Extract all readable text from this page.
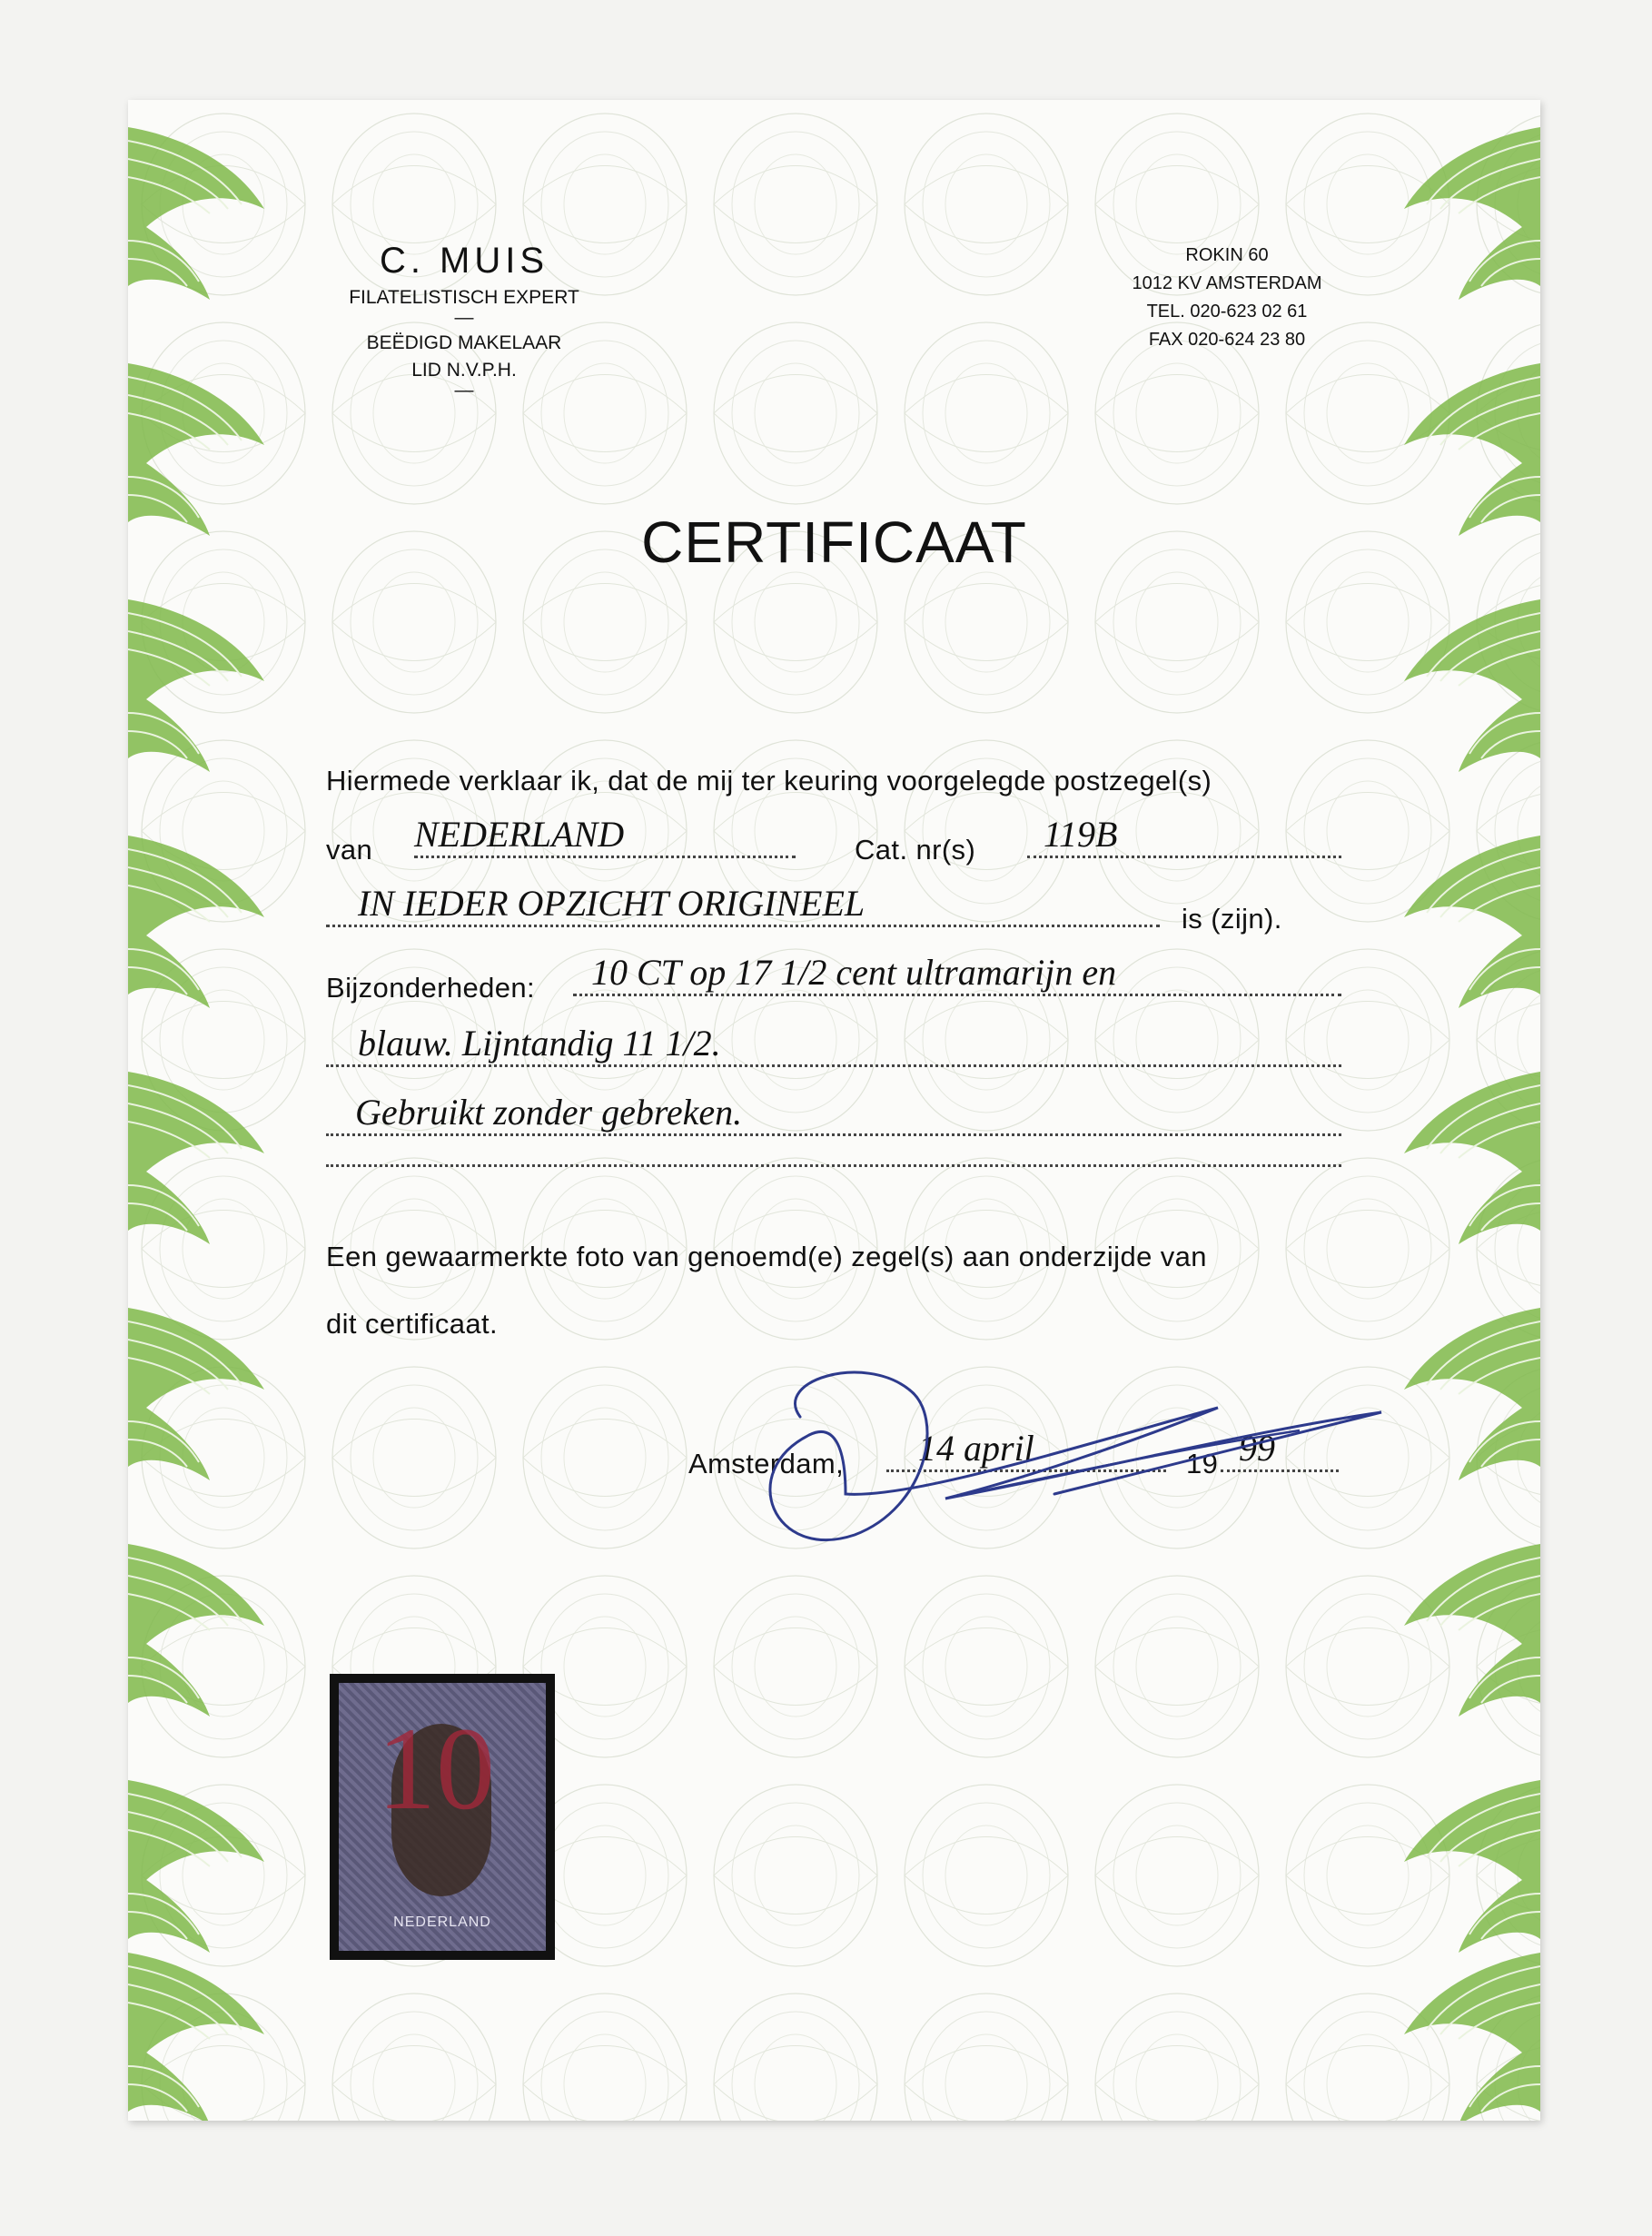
C. MUIS
FILATELISTISCH EXPERT
—
BEËDIGD MAKELAAR
LID N.V.P.H.
—
ROKIN 60
1012 KV AMSTERDAM
TEL. 020-623 02 61
FAX 020-624 23 80
CERTIFICAAT
Hiermede verklaar ik, dat de mij ter keuring voorgelegde postzegel(s)
van NEDERLAND	Cat. nr(s)	119B
IN IEDER OPZICHT ORIGINEEL	is (zijn).
Bijzonderheden:	10 CT op 17 1/2 cent ultramarijn en
blauw. Lijntandig 11 1/2.
Gebruikt zonder gebreken.
Een gewaarmerkte foto van genoemd(e) zegel(s) aan onderzijde van
dit certificaat.
Amsterdam,	14 april	19 99
10
NEDERLAND
